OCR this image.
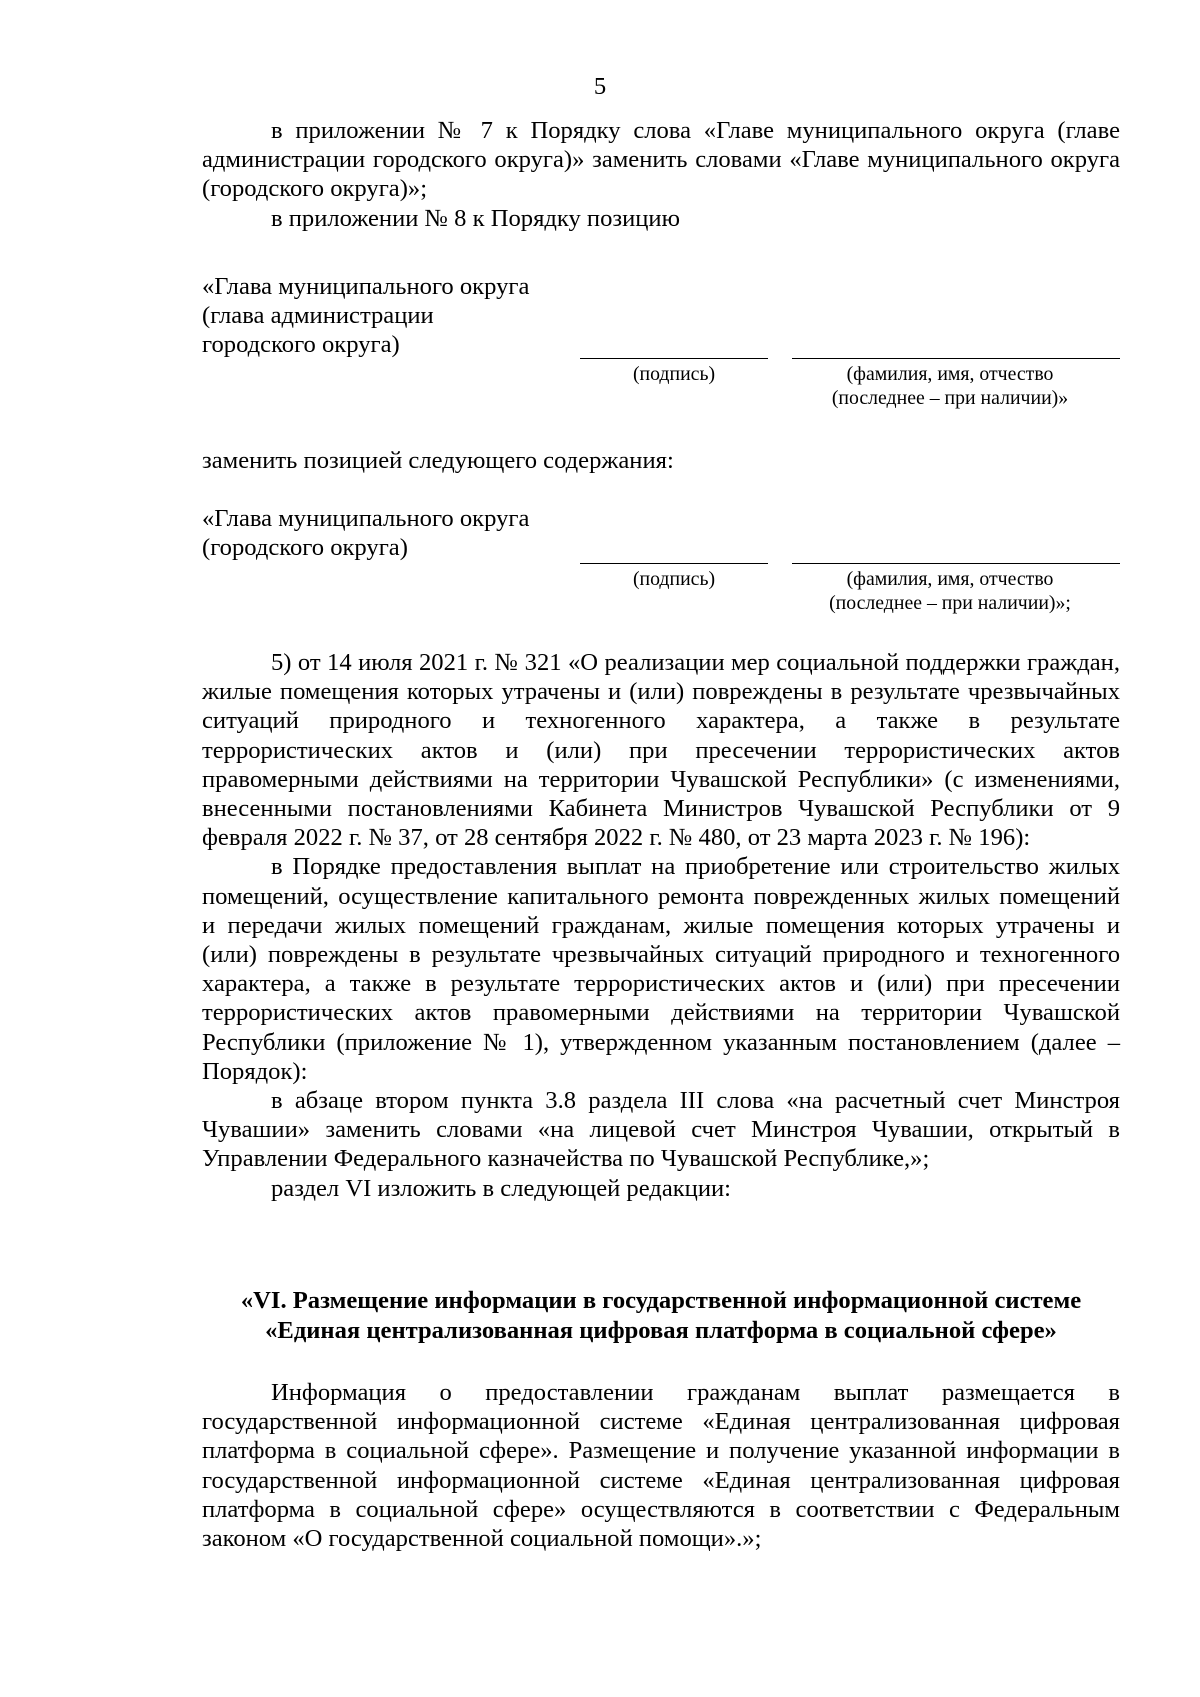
5

в приложении № 7 к Порядку слова «Главе муниципального округа (главе администрации городского округа)» заменить словами «Главе муниципального округа (городского округа)»;

в приложении № 8 к Порядку позицию

«Глава муниципального округа

(глава администрации

городского округа)

(подпись)	(фамилия, имя, отчество

(последнее – при наличии)»

заменить позицией следующего содержания:

«Глава муниципального округа

(городского округа)

(подпись)	(фамилия, имя, отчество

(последнее – при наличии)»;

5) от 14 июля 2021 г. № 321 «О реализации мер социальной поддержки граждан, жилые помещения которых утрачены и (или) повреждены в результате чрезвычайных ситуаций природного и техногенного характера, а также в результате террористических актов и (или) при пресечении террористических актов правомерными действиями на территории Чувашской Республики» (с изменениями, внесенными постановлениями Кабинета Министров Чувашской Республики от 9 февраля 2022 г. № 37, от 28 сентября 2022 г. № 480, от 23 марта 2023 г. № 196):

в Порядке предоставления выплат на приобретение или строительство жилых помещений, осуществление капитального ремонта поврежденных жилых помещений и передачи жилых помещений гражданам, жилые помещения которых утрачены и (или) повреждены в результате чрезвычайных ситуаций природного и техногенного характера, а также в результате террористических актов и (или) при пресечении террористических актов правомерными действиями на территории Чувашской Республики (приложение № 1), утвержденном указанным постановлением (далее – Порядок):

в абзаце втором пункта 3.8 раздела III слова «на расчетный счет Минстроя Чувашии» заменить словами «на лицевой счет Минстроя Чувашии, открытый в Управлении Федерального казначейства по Чувашской Республике,»;

раздел VI изложить в следующей редакции:

«VI. Размещение информации в государственной информационной системе
«Единая централизованная цифровая платформа в социальной сфере»

Информация о предоставлении гражданам выплат размещается в государственной информационной системе «Единая централизованная цифровая платформа в социальной сфере». Размещение и получение указанной информации в государственной информационной системе «Единая централизованная цифровая платформа в социальной сфере» осуществляются в соответствии с Федеральным законом «О государственной социальной помощи».»;
